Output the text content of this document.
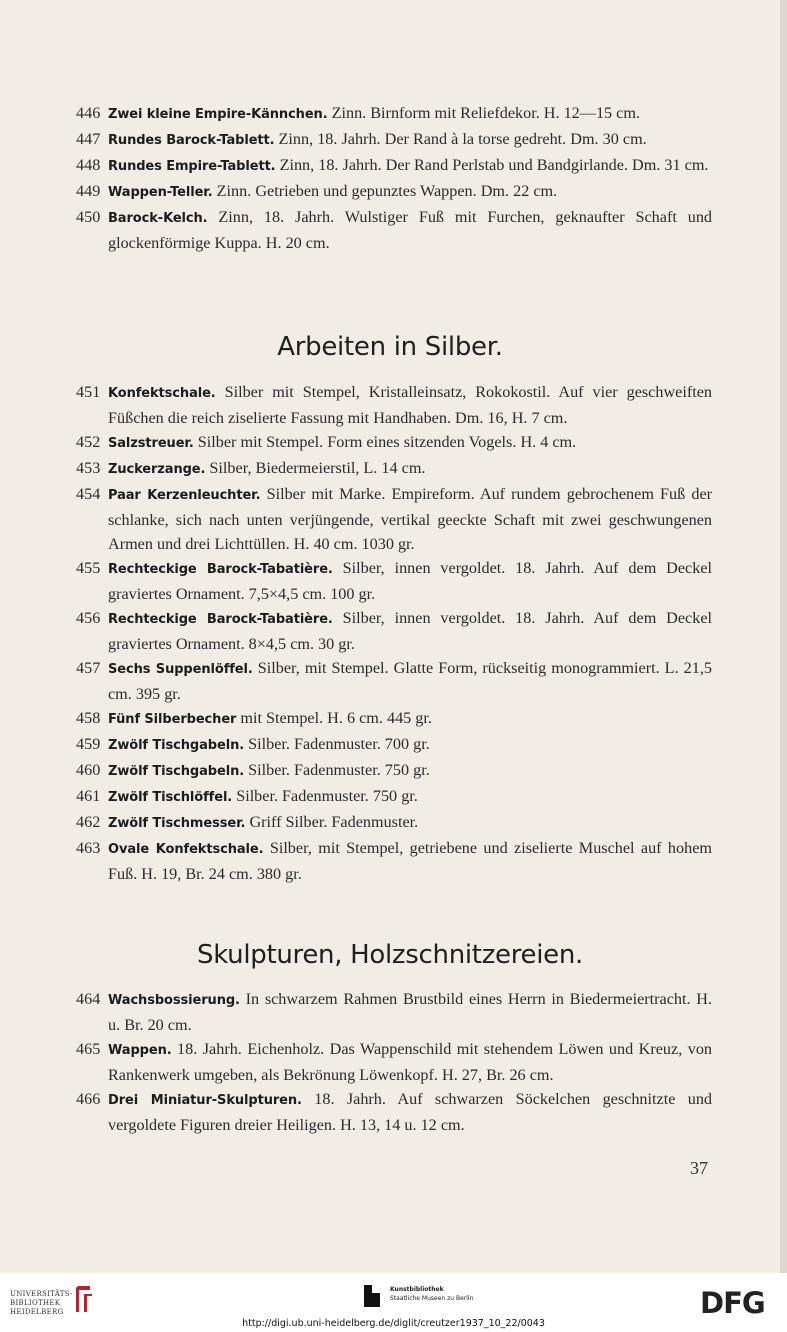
446 Zwei kleine Empire-Kännchen. Zinn. Birnform mit Reliefdekor. H. 12—15 cm.
447 Rundes Barock-Tablett. Zinn, 18. Jahrh. Der Rand à la torse gedreht. Dm. 30 cm.
448 Rundes Empire-Tablett. Zinn, 18. Jahrh. Der Rand Perlstab und Bandgirlande. Dm. 31 cm.
449 Wappen-Teller. Zinn. Getrieben und gepunztes Wappen. Dm. 22 cm.
450 Barock-Kelch. Zinn, 18. Jahrh. Wulstiger Fuß mit Furchen, geknaufter Schaft und glockenförmige Kuppa. H. 20 cm.
Arbeiten in Silber.
451 Konfektschale. Silber mit Stempel, Kristalleinsatz, Rokokostil. Auf vier geschweiften Füßchen die reich ziselierte Fassung mit Handhaben. Dm. 16, H. 7 cm.
452 Salzstreuer. Silber mit Stempel. Form eines sitzenden Vogels. H. 4 cm.
453 Zuckerzange. Silber, Biedermeierstil, L. 14 cm.
454 Paar Kerzenleuchter. Silber mit Marke. Empireform. Auf rundem gebrochenem Fuß der schlanke, sich nach unten verjüngende, vertikal geeckte Schaft mit zwei geschwungenen Armen und drei Lichttüllen. H. 40 cm. 1030 gr.
455 Rechteckige Barock-Tabatière. Silber, innen vergoldet. 18. Jahrh. Auf dem Deckel graviertes Ornament. 7,5×4,5 cm. 100 gr.
456 Rechteckige Barock-Tabatière. Silber, innen vergoldet. 18. Jahrh. Auf dem Deckel graviertes Ornament. 8×4,5 cm. 30 gr.
457 Sechs Suppenlöffel. Silber, mit Stempel. Glatte Form, rückseitig monogrammiert. L. 21,5 cm. 395 gr.
458 Fünf Silberbecher mit Stempel. H. 6 cm. 445 gr.
459 Zwölf Tischgabeln. Silber. Fadenmuster. 700 gr.
460 Zwölf Tischgabeln. Silber. Fadenmuster. 750 gr.
461 Zwölf Tischlöffel. Silber. Fadenmuster. 750 gr.
462 Zwölf Tischmesser. Griff Silber. Fadenmuster.
463 Ovale Konfektschale. Silber, mit Stempel, getriebene und ziselierte Muschel auf hohem Fuß. H. 19, Br. 24 cm. 380 gr.
Skulpturen, Holzschnitzereien.
464 Wachsbossierung. In schwarzem Rahmen Brustbild eines Herrn in Biedermeiertracht. H. u. Br. 20 cm.
465 Wappen. 18. Jahrh. Eichenholz. Das Wappenschild mit stehendem Löwen und Kreuz, von Rankenwerk umgeben, als Bekrönung Löwenkopf. H. 27, Br. 26 cm.
466 Drei Miniatur-Skulpturen. 18. Jahrh. Auf schwarzen Söckelchen geschnitzte und vergoldete Figuren dreier Heiligen. H. 13, 14 u. 12 cm.
37
UNIVERSITÄTS-
BIBLIOTHEK
HEIDELBERG
Kunstbibliothek
Staatliche Museen zu Berlin	DFG
http://digi.ub.uni-heidelberg.de/diglit/creutzer1937_10_22/0043
